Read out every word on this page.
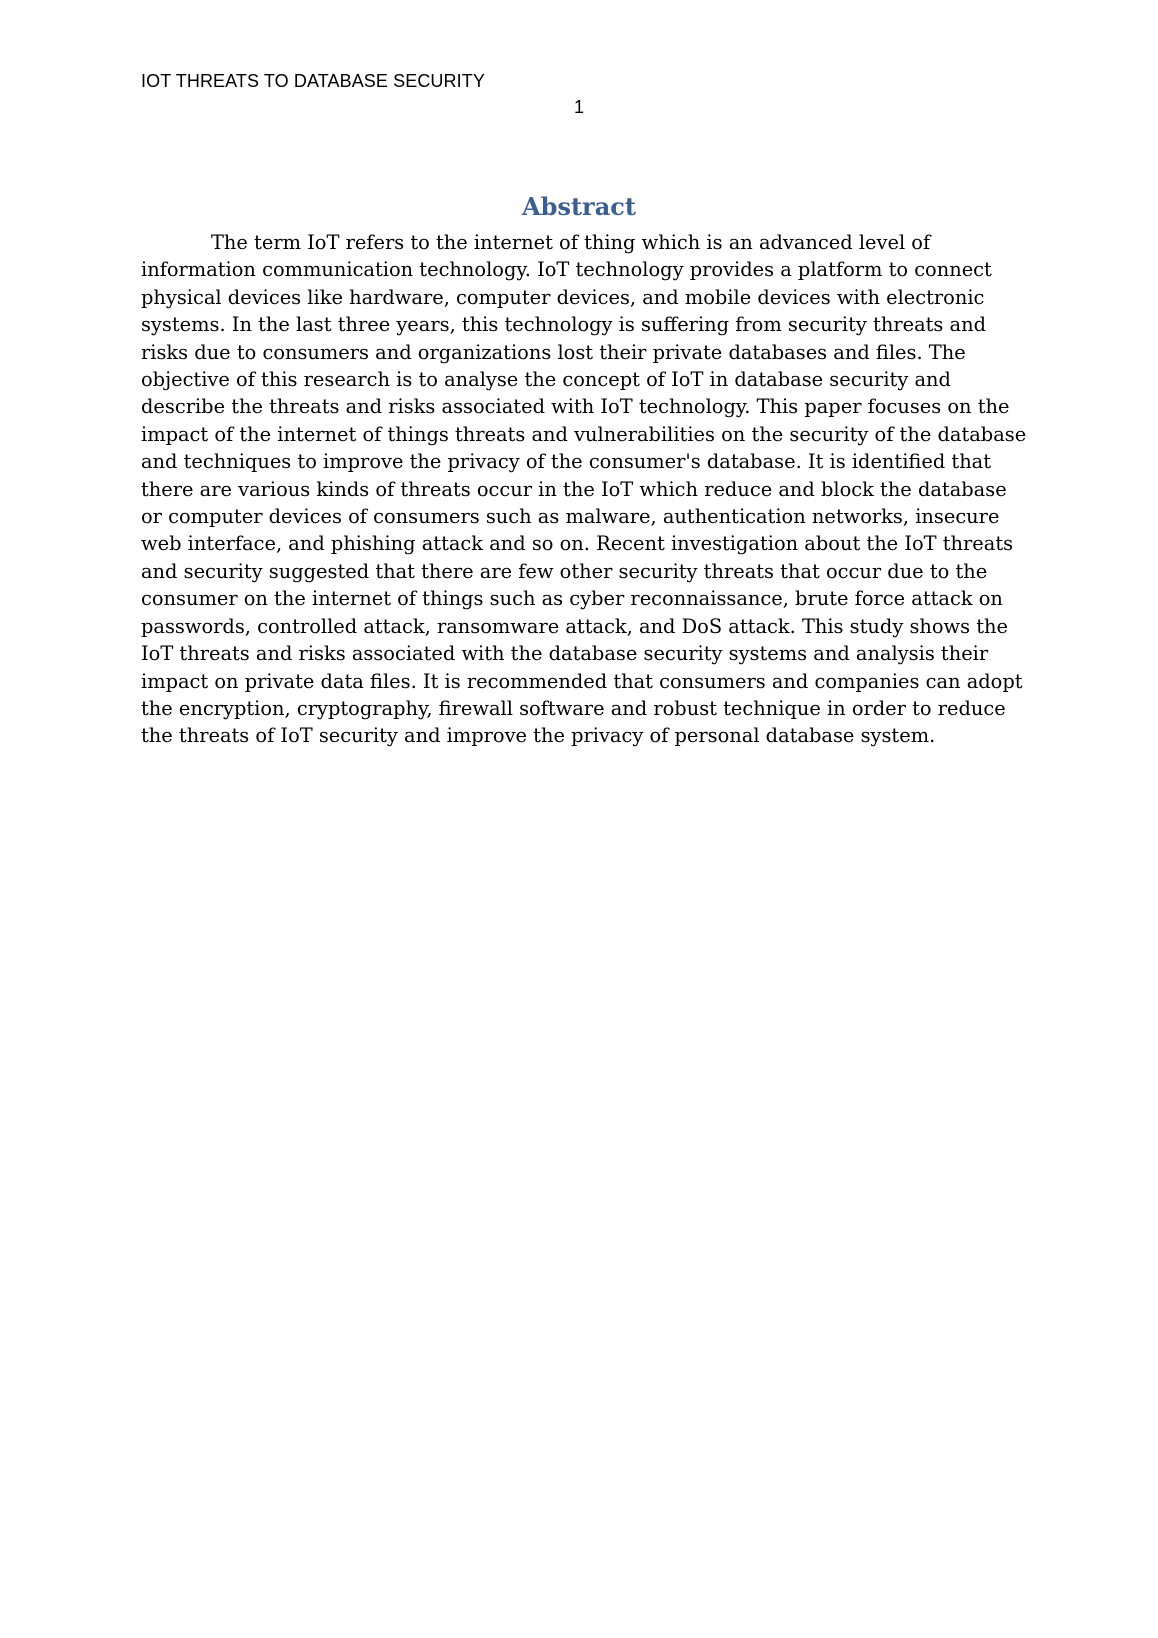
IOT THREATS TO DATABASE SECURITY
1
Abstract

The term IoT refers to the internet of thing which is an advanced level of information communication technology. IoT technology provides a platform to connect physical devices like hardware, computer devices, and mobile devices with electronic systems. In the last three years, this technology is suffering from security threats and risks due to consumers and organizations lost their private databases and files. The objective of this research is to analyse the concept of IoT in database security and describe the threats and risks associated with IoT technology. This paper focuses on the impact of the internet of things threats and vulnerabilities on the security of the database and techniques to improve the privacy of the consumer's database. It is identified that there are various kinds of threats occur in the IoT which reduce and block the database or computer devices of consumers such as malware, authentication networks, insecure web interface, and phishing attack and so on. Recent investigation about the IoT threats and security suggested that there are few other security threats that occur due to the consumer on the internet of things such as cyber reconnaissance, brute force attack on passwords, controlled attack, ransomware attack, and DoS attack. This study shows the IoT threats and risks associated with the database security systems and analysis their impact on private data files. It is recommended that consumers and companies can adopt the encryption, cryptography, firewall software and robust technique in order to reduce the threats of IoT security and improve the privacy of personal database system.
